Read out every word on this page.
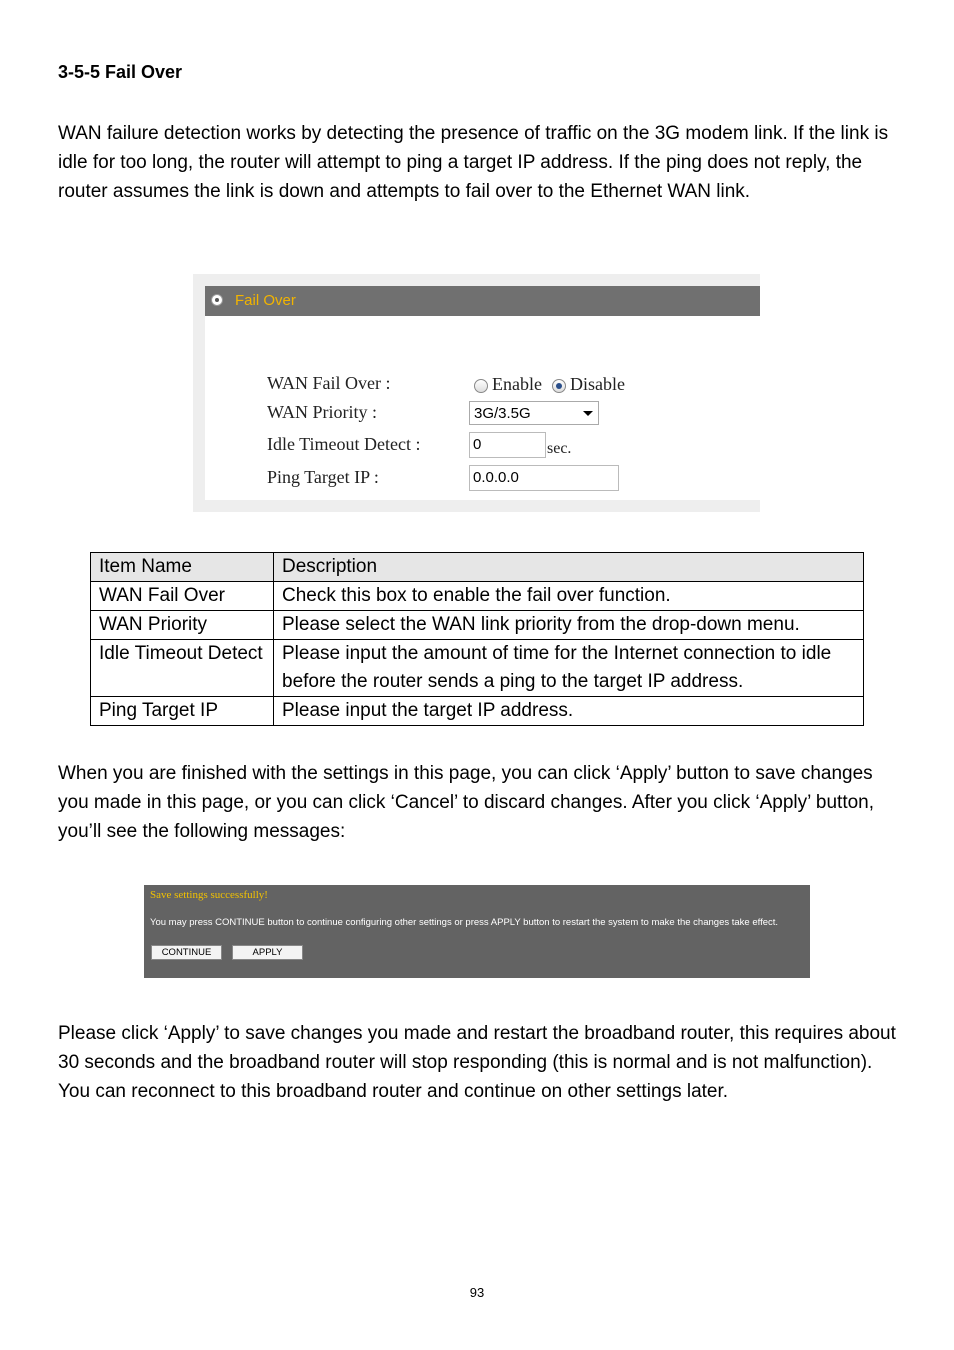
3-5-5 Fail Over

WAN failure detection works by detecting the presence of traffic on the 3G modem link. If the link is idle for too long, the router will attempt to ping a target IP address. If the ping does not reply, the router assumes the link is down and attempts to fail over to the Ethernet WAN link.

Fail Over
WAN Fail Over :	Enable Disable
WAN Priority :	3G/3.5G
Idle Timeout Detect :	0	sec.
Ping Target IP :	0.0.0.0
Item Name	Description
WAN Fail Over	Check this box to enable the fail over function.
WAN Priority	Please select the WAN link priority from the drop-down menu.
Idle Timeout Detect	Please input the amount of time for the Internet connection to idle before the router sends a ping to the target IP address.
Ping Target IP	Please input the target IP address.

When you are finished with the settings in this page, you can click ‘Apply’ button to save changes you made in this page, or you can click ‘Cancel’ to discard changes. After you click ‘Apply’ button, you’ll see the following messages:

Save settings successfully!
You may press CONTINUE button to continue configuring other settings or press APPLY button to restart the system to make the changes take effect.
CONTINUE	APPLY

Please click ‘Apply’ to save changes you made and restart the broadband router, this requires about 30 seconds and the broadband router will stop responding (this is normal and is not malfunction). You can reconnect to this broadband router and continue on other settings later.

93
